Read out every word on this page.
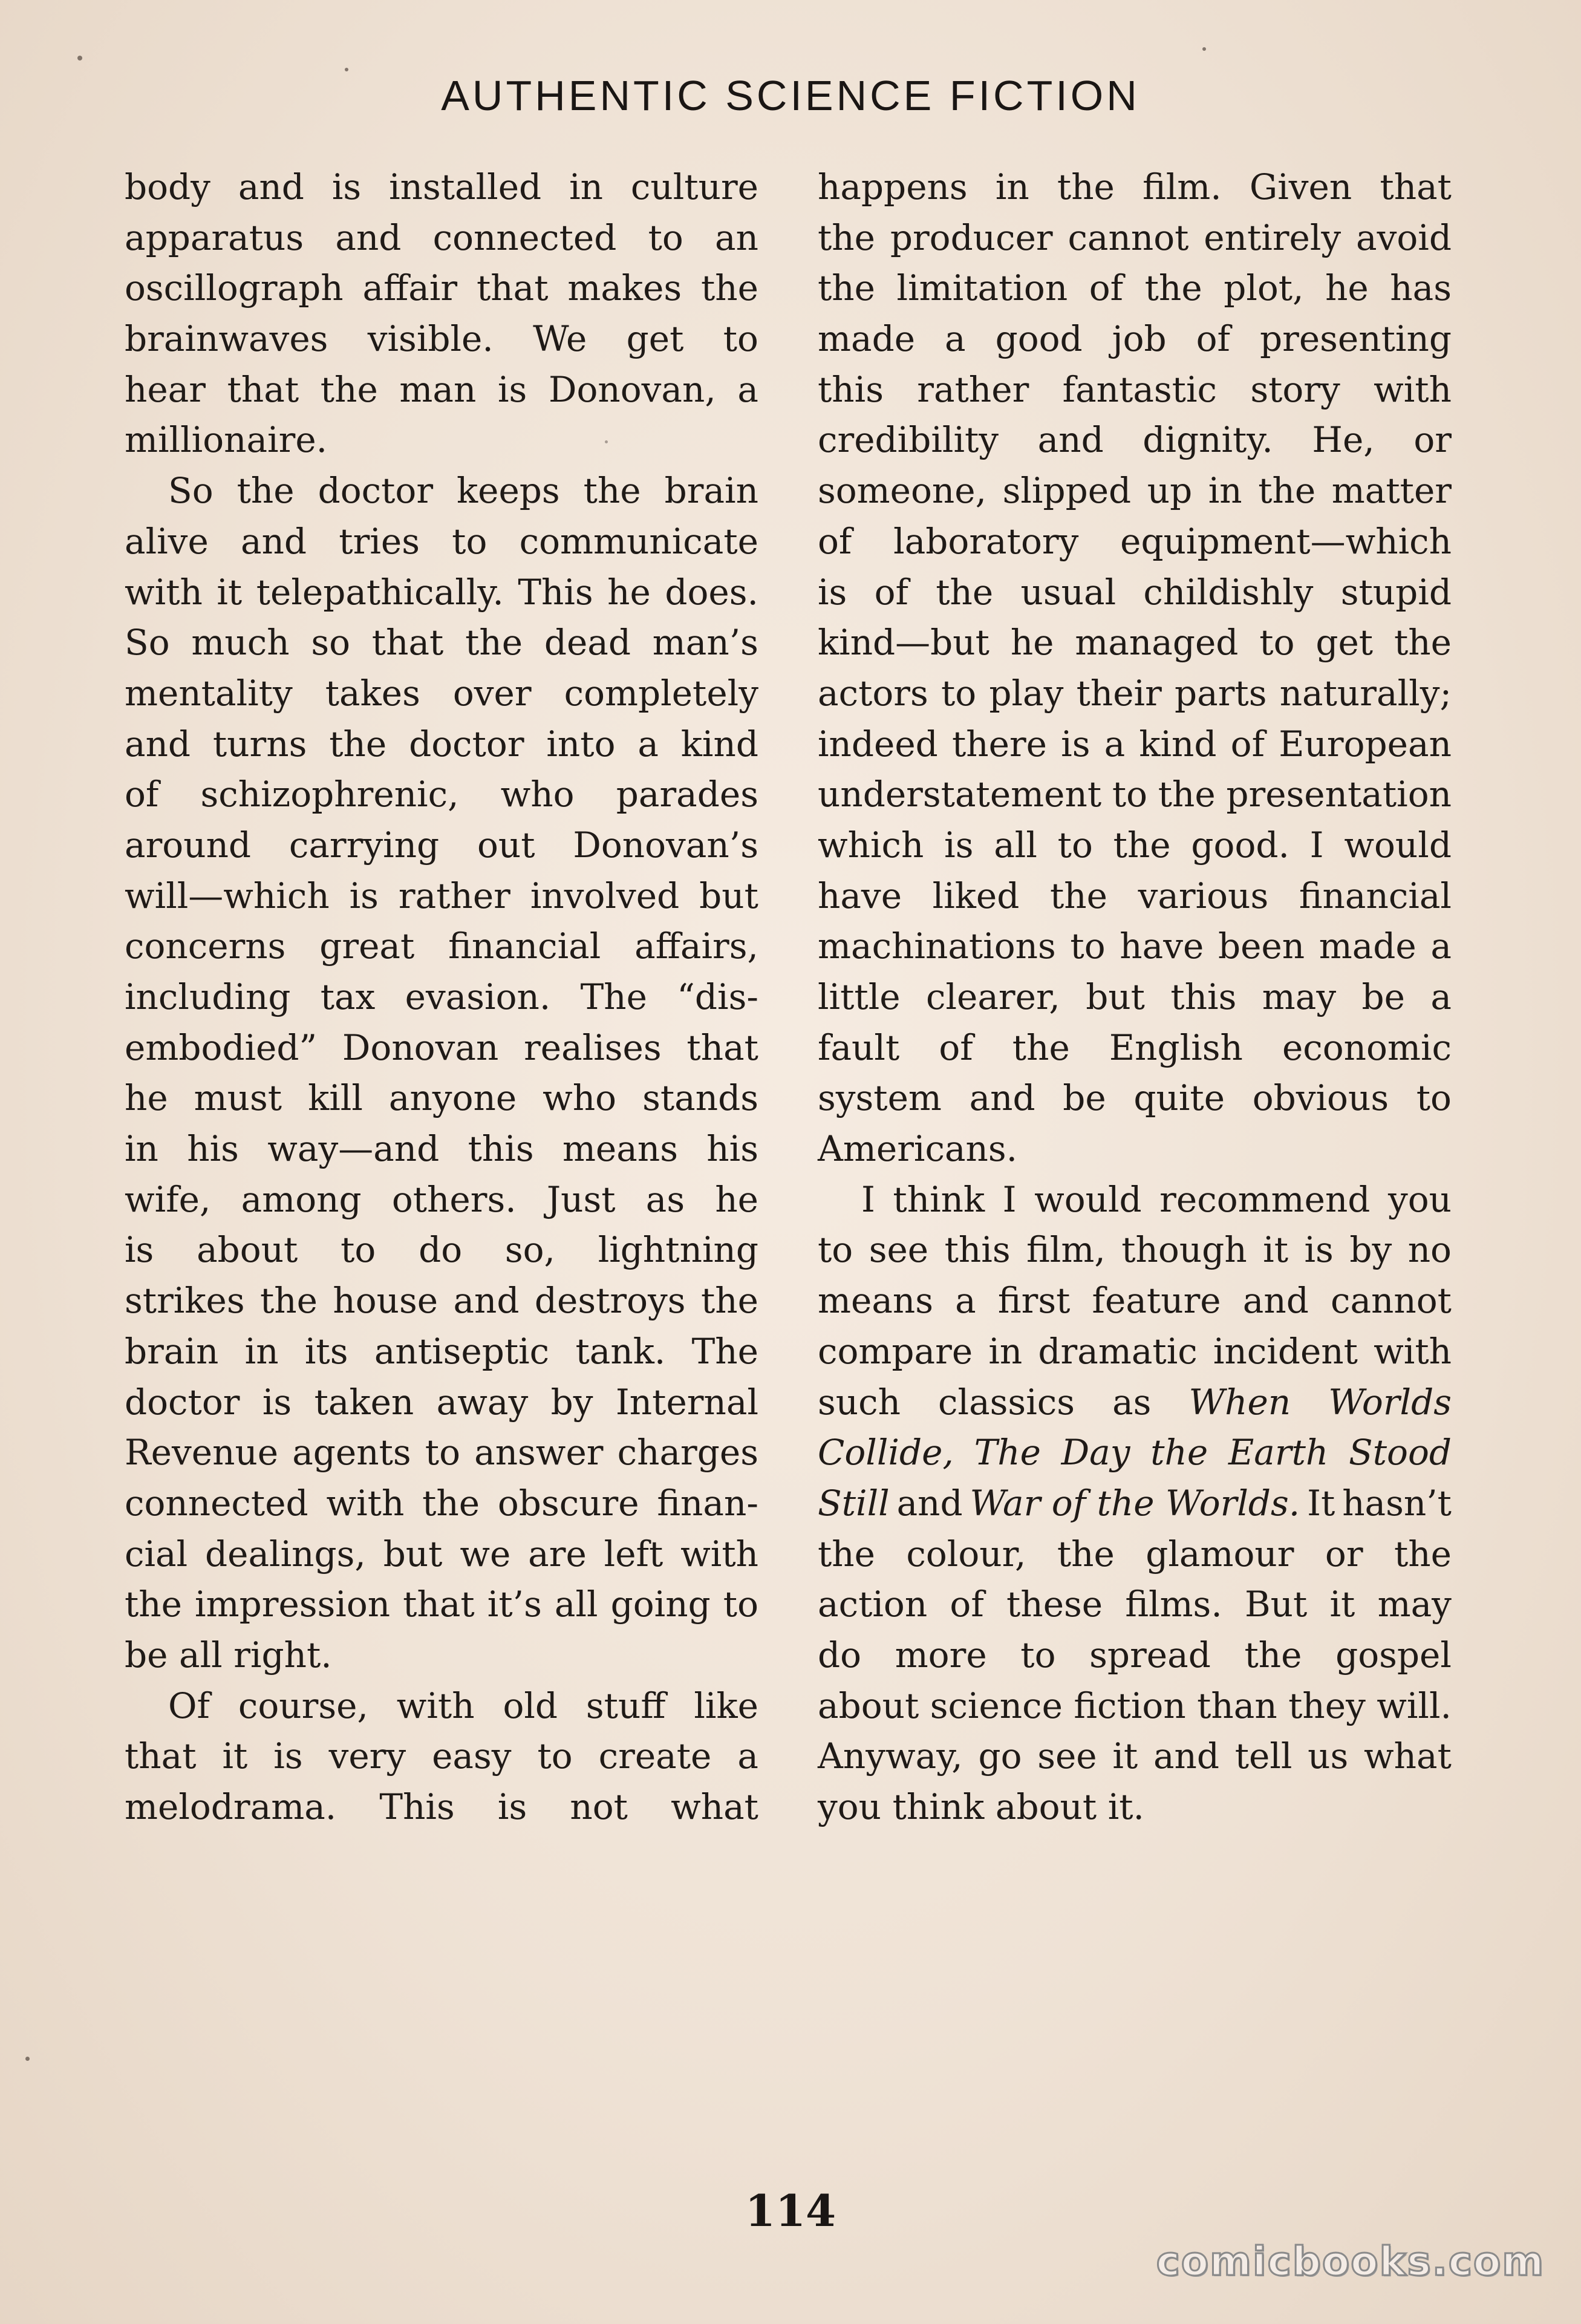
AUTHENTIC SCIENCE FICTION
body and is installed in culture
apparatus and connected to an
oscillograph affair that makes the
brainwaves visible. We get to
hear that the man is Donovan, a
millionaire.
So the doctor keeps the brain
alive and tries to communicate
with it telepathically. This he does.
So much so that the dead man’s
mentality takes over completely
and turns the doctor into a kind
of schizophrenic, who parades
around carrying out Donovan’s
will—which is rather involved but
concerns great financial affairs,
including tax evasion. The “dis-
embodied” Donovan realises that
he must kill anyone who stands
in his way—and this means his
wife, among others. Just as he
is about to do so, lightning
strikes the house and destroys the
brain in its antiseptic tank. The
doctor is taken away by Internal
Revenue agents to answer charges
connected with the obscure finan-
cial dealings, but we are left with
the impression that it’s all going to
be all right.
Of course, with old stuff like
that it is very easy to create a
melodrama. This is not what
happens in the film. Given that
the producer cannot entirely avoid
the limitation of the plot, he has
made a good job of presenting
this rather fantastic story with
credibility and dignity. He, or
someone, slipped up in the matter
of laboratory equipment—which
is of the usual childishly stupid
kind—but he managed to get the
actors to play their parts naturally;
indeed there is a kind of European
understatement to the presentation
which is all to the good. I would
have liked the various financial
machinations to have been made a
little clearer, but this may be a
fault of the English economic
system and be quite obvious to
Americans.
I think I would recommend you
to see this film, though it is by no
means a first feature and cannot
compare in dramatic incident with
such classics as When Worlds
Collide, The Day the Earth Stood
Still and War of the Worlds. It hasn’t
the colour, the glamour or the
action of these films. But it may
do more to spread the gospel
about science fiction than they will.
Anyway, go see it and tell us what
you think about it.
114
comicbooks.com
